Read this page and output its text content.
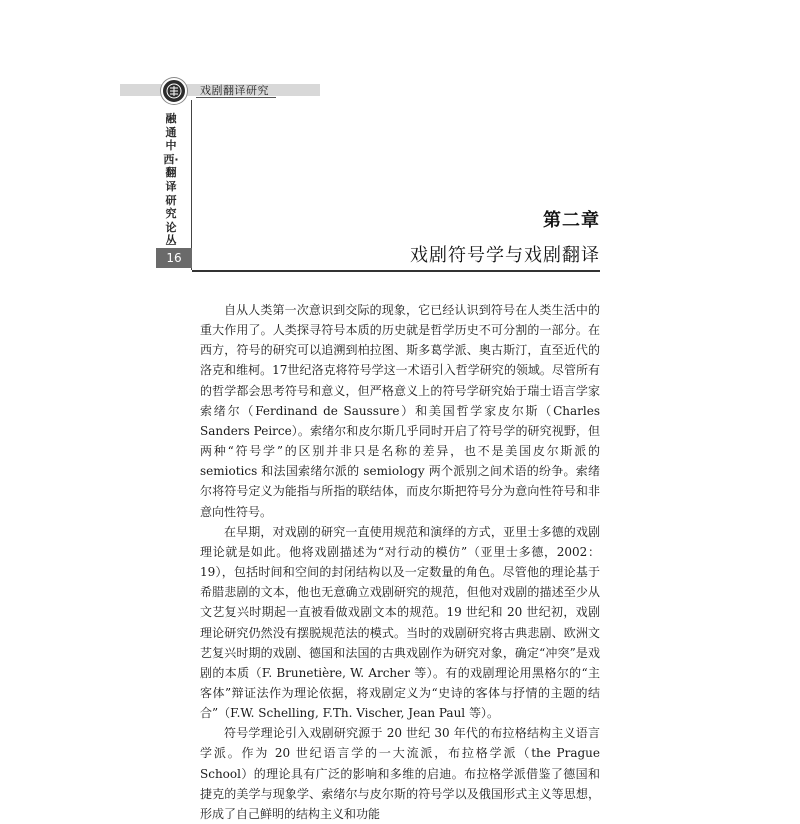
戏剧翻译研究
融通中西·翻译研究论丛
16
第二章
戏剧符号学与戏剧翻译

自从人类第一次意识到交际的现象，它已经认识到符号在人类生活中的重大作用了。人类探寻符号本质的历史就是哲学历史不可分割的一部分。在西方，符号的研究可以追溯到柏拉图、斯多葛学派、奥古斯汀，直至近代的洛克和维柯。17世纪洛克将符号学这一术语引入哲学研究的领域。尽管所有的哲学都会思考符号和意义，但严格意义上的符号学研究始于瑞士语言学家索绪尔（Ferdinand de Saussure）和美国哲学家皮尔斯（Charles Sanders Peirce）。索绪尔和皮尔斯几乎同时开启了符号学的研究视野，但两种“符号学”的区别并非只是名称的差异，也不是美国皮尔斯派的 semiotics 和法国索绪尔派的 semiology 两个派别之间术语的纷争。索绪尔将符号定义为能指与所指的联结体，而皮尔斯把符号分为意向性符号和非意向性符号。

在早期，对戏剧的研究一直使用规范和演绎的方式，亚里士多德的戏剧理论就是如此。他将戏剧描述为“对行动的模仿”（亚里士多德，2002：19），包括时间和空间的封闭结构以及一定数量的角色。尽管他的理论基于希腊悲剧的文本，他也无意确立戏剧研究的规范，但他对戏剧的描述至少从文艺复兴时期起一直被看做戏剧文本的规范。19 世纪和 20 世纪初，戏剧理论研究仍然没有摆脱规范法的模式。当时的戏剧研究将古典悲剧、欧洲文艺复兴时期的戏剧、德国和法国的古典戏剧作为研究对象，确定“冲突”是戏剧的本质（F. Brunetière, W. Archer 等）。有的戏剧理论用黑格尔的“主客体”辩证法作为理论依据，将戏剧定义为“史诗的客体与抒情的主题的结合”（F.W. Schelling, F.Th. Vischer, Jean Paul 等）。

符号学理论引入戏剧研究源于 20 世纪 30 年代的布拉格结构主义语言学派。作为 20 世纪语言学的一大流派，布拉格学派（the Prague School）的理论具有广泛的影响和多维的启迪。布拉格学派借鉴了德国和捷克的美学与现象学、索绪尔与皮尔斯的符号学以及俄国形式主义等思想，形成了自己鲜明的结构主义和功能
